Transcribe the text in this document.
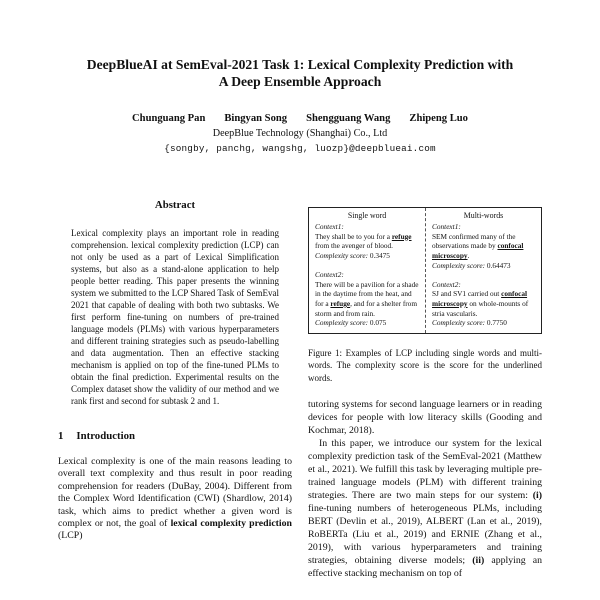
DeepBlueAI at SemEval-2021 Task 1: Lexical Complexity Prediction with
A Deep Ensemble Approach
Chunguang Pan Bingyan Song Shengguang Wang Zhipeng Luo
DeepBlue Technology (Shanghai) Co., Ltd
{songby, panchg, wangshg, luozp}@deepblueai.com
Abstract
Lexical complexity plays an important role in reading comprehension. lexical complexity prediction (LCP) can not only be used as a part of Lexical Simplification systems, but also as a stand-alone application to help people better reading. This paper presents the winning system we submitted to the LCP Shared Task of SemEval 2021 that capable of dealing with both two subtasks. We first perform fine-tuning on numbers of pre-trained language models (PLMs) with various hyperparameters and different training strategies such as pseudo-labelling and data augmentation. Then an effective stacking mechanism is applied on top of the fine-tuned PLMs to obtain the final prediction. Experimental results on the Complex dataset show the validity of our method and we rank first and second for subtask 2 and 1.
1 Introduction
Lexical complexity is one of the main reasons leading to overall text complexity and thus result in poor reading comprehension for readers (DuBay, 2004). Different from the Complex Word Identification (CWI) (Shardlow, 2014) task, which aims to predict whether a given word is complex or not, the goal of lexical complexity prediction (LCP)
Single word
Context1:
They shall be to you for a refuge from the avenger of blood.
Complexity score: 0.3475
Context2:
There will be a pavilion for a shade in the daytime from the heat, and for a refuge, and for a shelter from storm and from rain.
Complexity score: 0.075
Multi-words
Context1:
SEM confirmed many of the observations made by confocal microscopy.
Complexity score: 0.64473
Context2:
SJ and SV1 carried out confocal microscopy on whole-mounts of stria vascularis.
Complexity score: 0.7750
Figure 1: Examples of LCP including single words and multi-words. The complexity score is the score for the underlined words.
tutoring systems for second language learners or in reading devices for people with low literacy skills (Gooding and Kochmar, 2018).
In this paper, we introduce our system for the lexical complexity prediction task of the SemEval-2021 (Matthew et al., 2021). We fulfill this task by leveraging multiple pre-trained language models (PLM) with different training strategies. There are two main steps for our system: (i) fine-tuning numbers of heterogeneous PLMs, including BERT (Devlin et al., 2019), ALBERT (Lan et al., 2019), RoBERTa (Liu et al., 2019) and ERNIE (Zhang et al., 2019), with various hyperparameters and training strategies, obtaining diverse models; (ii) applying an effective stacking mechanism on top of
